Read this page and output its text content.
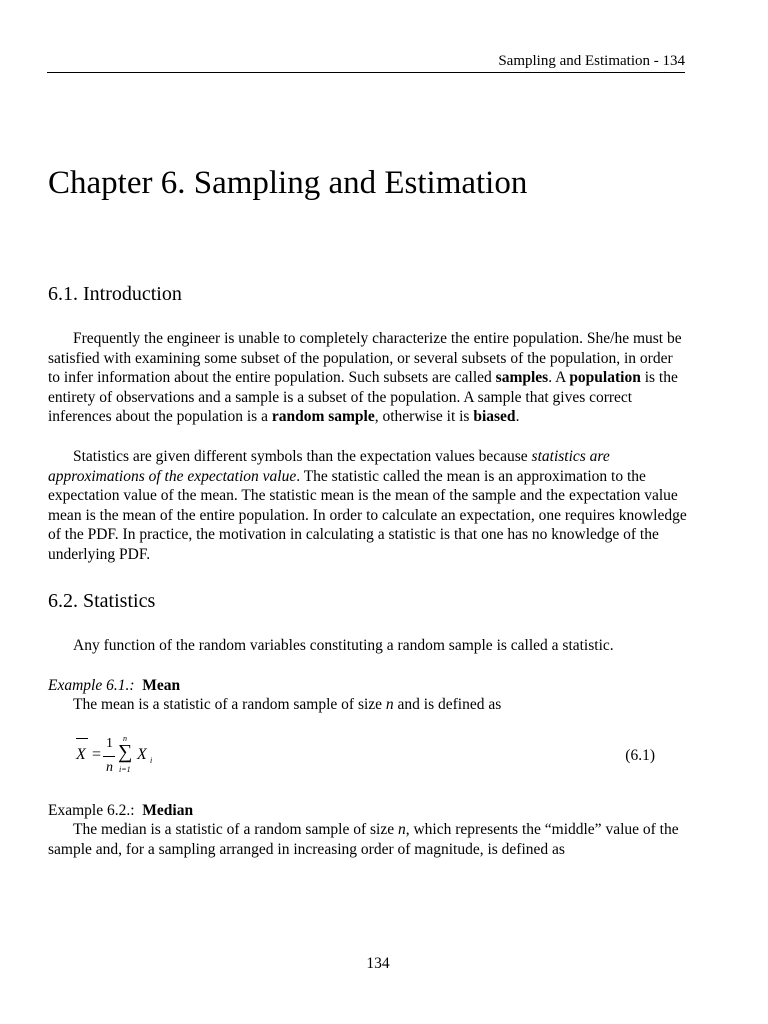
Sampling and Estimation - 134
Chapter 6. Sampling and Estimation
6.1. Introduction

Frequently the engineer is unable to completely characterize the entire population. She/he must be satisfied with examining some subset of the population, or several subsets of the population, in order to infer information about the entire population. Such subsets are called samples. A population is the entirety of observations and a sample is a subset of the population. A sample that gives correct inferences about the population is a random sample, otherwise it is biased.

Statistics are given different symbols than the expectation values because statistics are approximations of the expectation value. The statistic called the mean is an approximation to the expectation value of the mean. The statistic mean is the mean of the sample and the expectation value mean is the mean of the entire population. In order to calculate an expectation, one requires knowledge of the PDF. In practice, the motivation in calculating a statistic is that one has no knowledge of the underlying PDF.

6.2. Statistics

Any function of the random variables constituting a random sample is called a statistic.

Example 6.1.: Mean

The mean is a statistic of a random sample of size n and is defined as

X =
1
n
n
∑
i=1
X i	(6.1)
Example 6.2.: Median

The median is a statistic of a random sample of size n, which represents the “middle” value of the sample and, for a sampling arranged in increasing order of magnitude, is defined as

134
